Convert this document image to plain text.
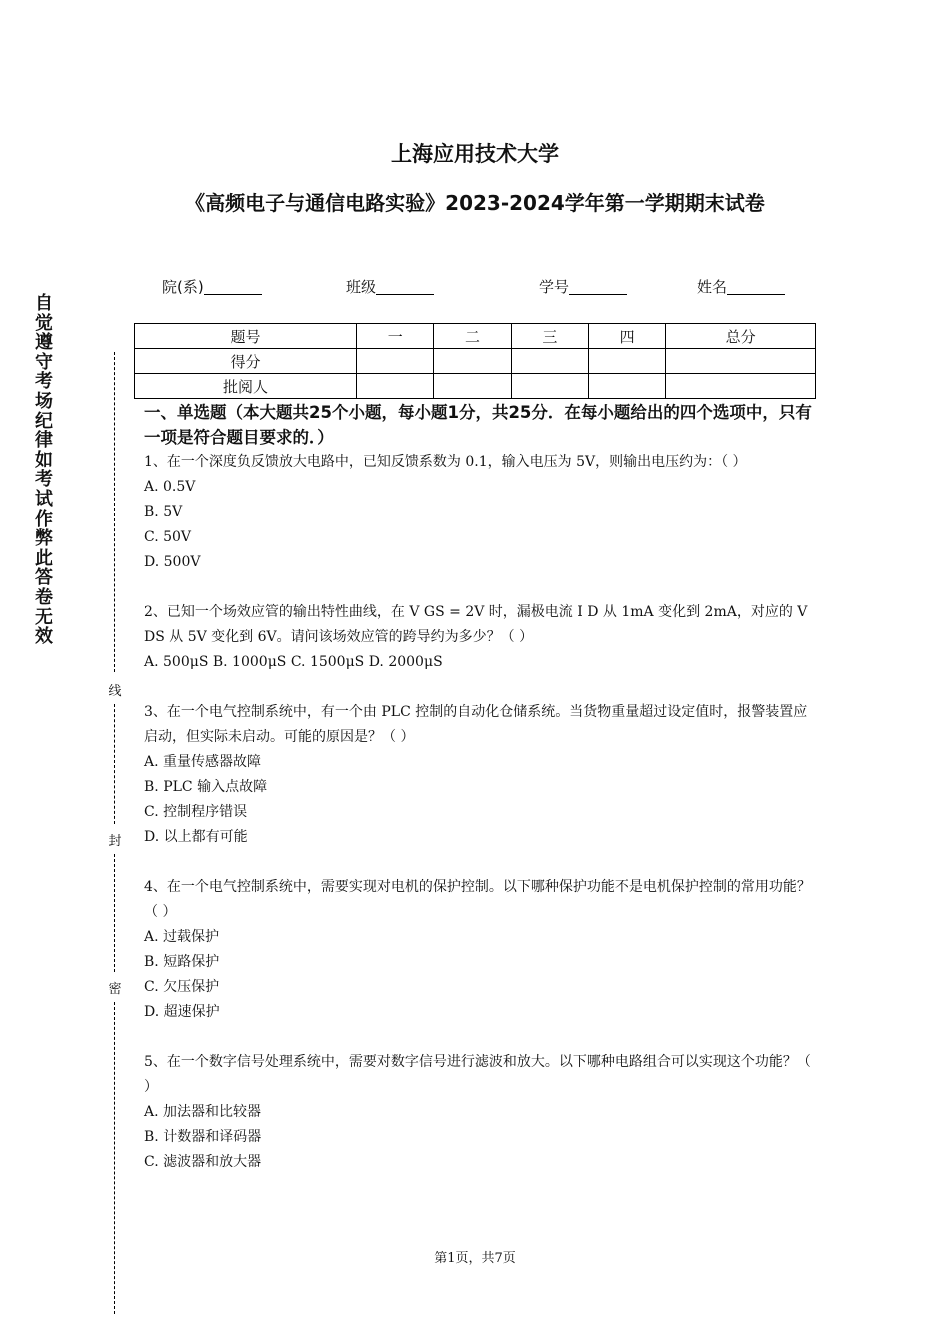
上海应用技术大学
《高频电子与通信电路实验》2023-2024学年第一学期期末试卷
院(系)	班级	学号	姓名
题号	一	二	三	四	总分
得分					
批阅人					
自
觉
遵
守
考
场
纪
律
如
考
试
作
弊
此
答
卷
无
效
线
封
密

一、单选题（本大题共25个小题，每小题1分，共25分．在每小题给出的四个选项中，只有一项是符合题目要求的．）

1、在一个深度负反馈放大电路中，已知反馈系数为 0.1，输入电压为 5V，则输出电压约为：（ ）

A. 0.5V

B. 5V

C. 50V

D. 500V

2、已知一个场效应管的输出特性曲线，在 V GS = 2V 时，漏极电流 I D 从 1mA 变化到 2mA，对应的 V DS 从 5V 变化到 6V。请问该场效应管的跨导约为多少？（ ）

A. 500μS B. 1000μS C. 1500μS D. 2000μS

3、在一个电气控制系统中，有一个由 PLC 控制的自动化仓储系统。当货物重量超过设定值时，报警装置应启动，但实际未启动。可能的原因是？（ ）

A. 重量传感器故障

B. PLC 输入点故障

C. 控制程序错误

D. 以上都有可能

4、在一个电气控制系统中，需要实现对电机的保护控制。以下哪种保护功能不是电机保护控制的常用功能？（ ）

A. 过载保护

B. 短路保护

C. 欠压保护

D. 超速保护

5、在一个数字信号处理系统中，需要对数字信号进行滤波和放大。以下哪种电路组合可以实现这个功能？（ ）

A. 加法器和比较器

B. 计数器和译码器

C. 滤波器和放大器

第1页，共7页
